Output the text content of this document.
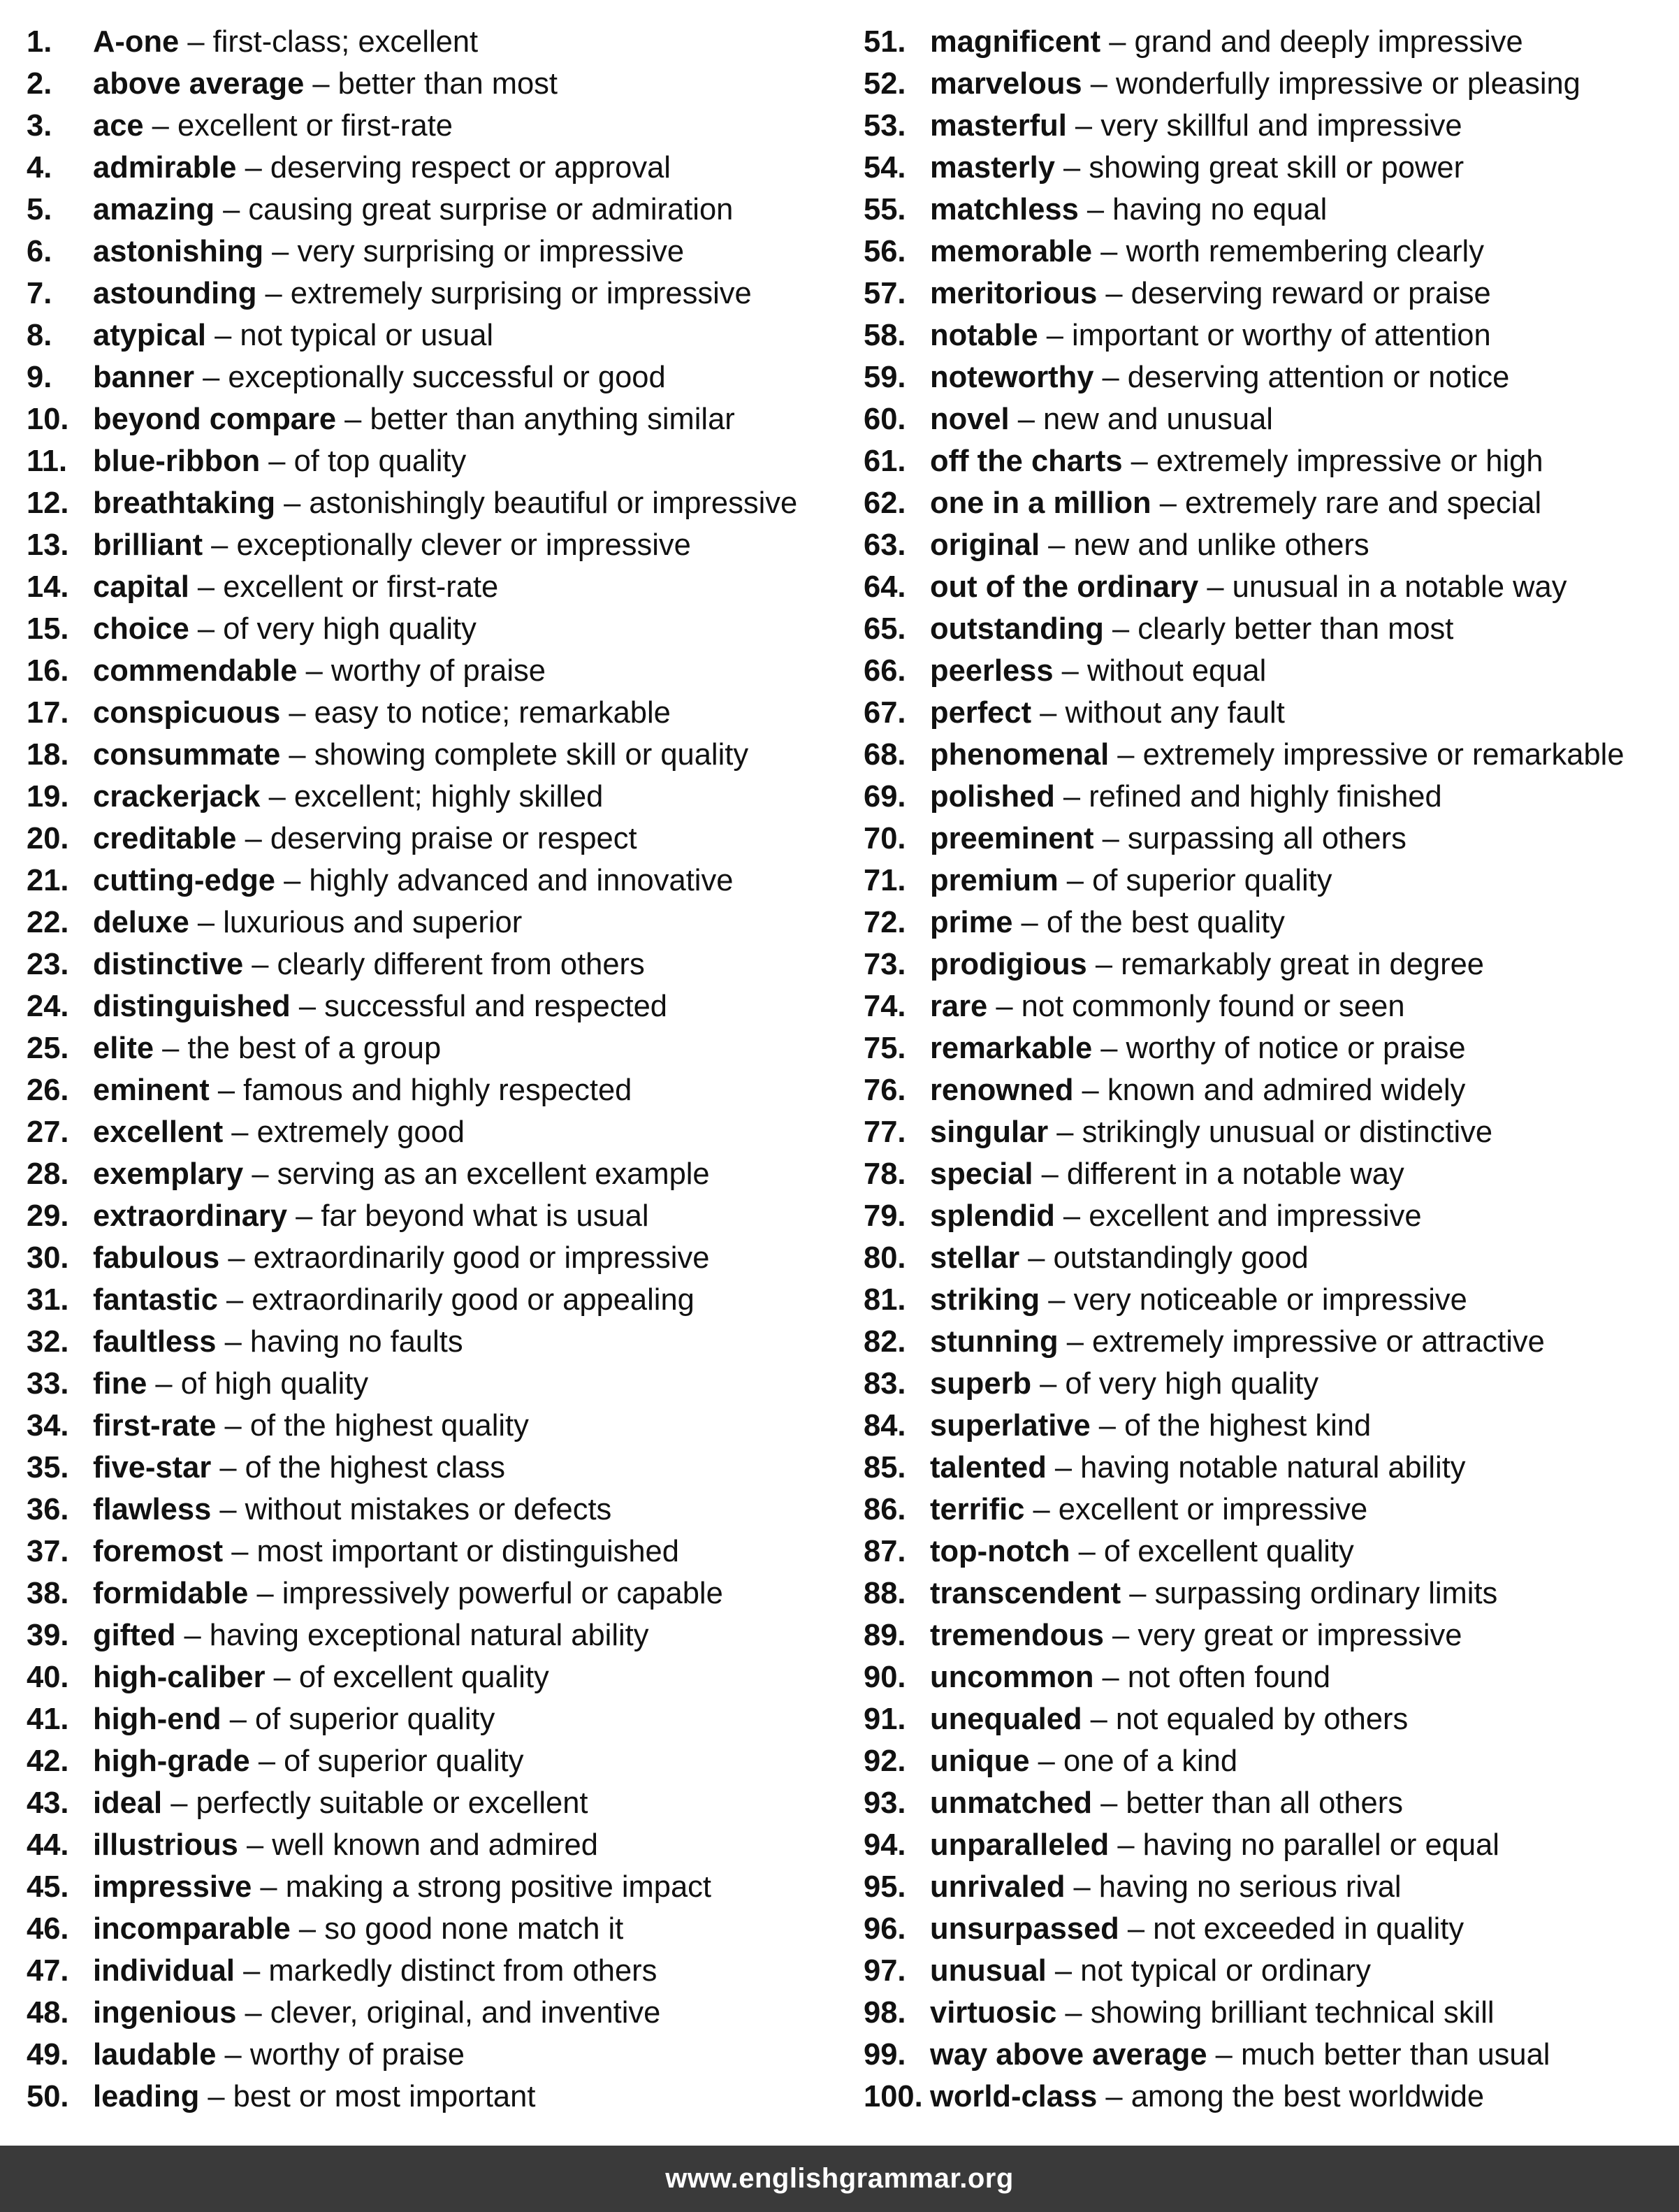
1. A-one – first-class; excellent
2. above average – better than most
3. ace – excellent or first-rate
4. admirable – deserving respect or approval
5. amazing – causing great surprise or admiration
6. astonishing – very surprising or impressive
7. astounding – extremely surprising or impressive
8. atypical – not typical or usual
9. banner – exceptionally successful or good
10. beyond compare – better than anything similar
11. blue-ribbon – of top quality
12. breathtaking – astonishingly beautiful or impressive
13. brilliant – exceptionally clever or impressive
14. capital – excellent or first-rate
15. choice – of very high quality
16. commendable – worthy of praise
17. conspicuous – easy to notice; remarkable
18. consummate – showing complete skill or quality
19. crackerjack – excellent; highly skilled
20. creditable – deserving praise or respect
21. cutting-edge – highly advanced and innovative
22. deluxe – luxurious and superior
23. distinctive – clearly different from others
24. distinguished – successful and respected
25. elite – the best of a group
26. eminent – famous and highly respected
27. excellent – extremely good
28. exemplary – serving as an excellent example
29. extraordinary – far beyond what is usual
30. fabulous – extraordinarily good or impressive
31. fantastic – extraordinarily good or appealing
32. faultless – having no faults
33. fine – of high quality
34. first-rate – of the highest quality
35. five-star – of the highest class
36. flawless – without mistakes or defects
37. foremost – most important or distinguished
38. formidable – impressively powerful or capable
39. gifted – having exceptional natural ability
40. high-caliber – of excellent quality
41. high-end – of superior quality
42. high-grade – of superior quality
43. ideal – perfectly suitable or excellent
44. illustrious – well known and admired
45. impressive – making a strong positive impact
46. incomparable – so good none match it
47. individual – markedly distinct from others
48. ingenious – clever, original, and inventive
49. laudable – worthy of praise
50. leading – best or most important
51. magnificent – grand and deeply impressive
52. marvelous – wonderfully impressive or pleasing
53. masterful – very skillful and impressive
54. masterly – showing great skill or power
55. matchless – having no equal
56. memorable – worth remembering clearly
57. meritorious – deserving reward or praise
58. notable – important or worthy of attention
59. noteworthy – deserving attention or notice
60. novel – new and unusual
61. off the charts – extremely impressive or high
62. one in a million – extremely rare and special
63. original – new and unlike others
64. out of the ordinary – unusual in a notable way
65. outstanding – clearly better than most
66. peerless – without equal
67. perfect – without any fault
68. phenomenal – extremely impressive or remarkable
69. polished – refined and highly finished
70. preeminent – surpassing all others
71. premium – of superior quality
72. prime – of the best quality
73. prodigious – remarkably great in degree
74. rare – not commonly found or seen
75. remarkable – worthy of notice or praise
76. renowned – known and admired widely
77. singular – strikingly unusual or distinctive
78. special – different in a notable way
79. splendid – excellent and impressive
80. stellar – outstandingly good
81. striking – very noticeable or impressive
82. stunning – extremely impressive or attractive
83. superb – of very high quality
84. superlative – of the highest kind
85. talented – having notable natural ability
86. terrific – excellent or impressive
87. top-notch – of excellent quality
88. transcendent – surpassing ordinary limits
89. tremendous – very great or impressive
90. uncommon – not often found
91. unequaled – not equaled by others
92. unique – one of a kind
93. unmatched – better than all others
94. unparalleled – having no parallel or equal
95. unrivaled – having no serious rival
96. unsurpassed – not exceeded in quality
97. unusual – not typical or ordinary
98. virtuosic – showing brilliant technical skill
99. way above average – much better than usual
100. world-class – among the best worldwide
www.englishgrammar.org
